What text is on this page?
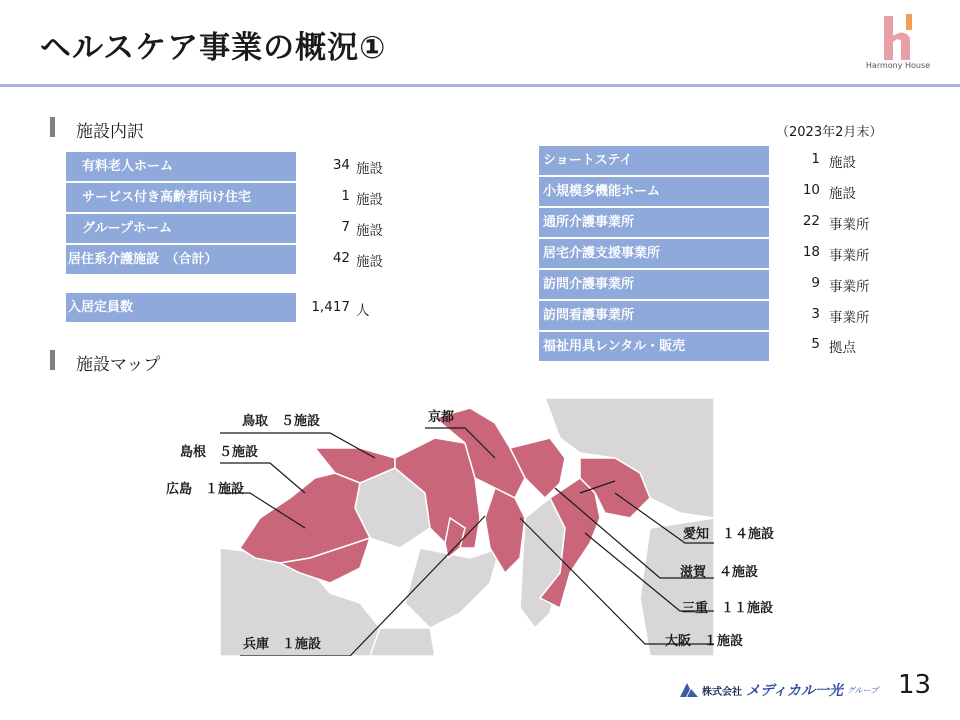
ヘルスケア事業の概況①	Harmony House
施設内訳
有料老人ホーム	34 施設
サービス付き高齢者向け住宅	1 施設
グループホーム	7 施設
居住系介護施設　（合計）	42 施設
入居定員数	1,417 人
（2023年2月末）
ショートステイ	1 施設
小規模多機能ホーム	10 施設
通所介護事業所	22 事業所
居宅介護支援事業所	18 事業所
訪問介護事業所	9 事業所
訪問看護事業所	3 事業所
福祉用具レンタル・販売	5 拠点
施設マップ
鳥取　５施設
島根　５施設
広島　１施設
京都
愛知　１４施設
滋賀　４施設
三重　１１施設
大阪　１施設
兵庫　１施設
株式会社 メディカル一光 グループ 13
